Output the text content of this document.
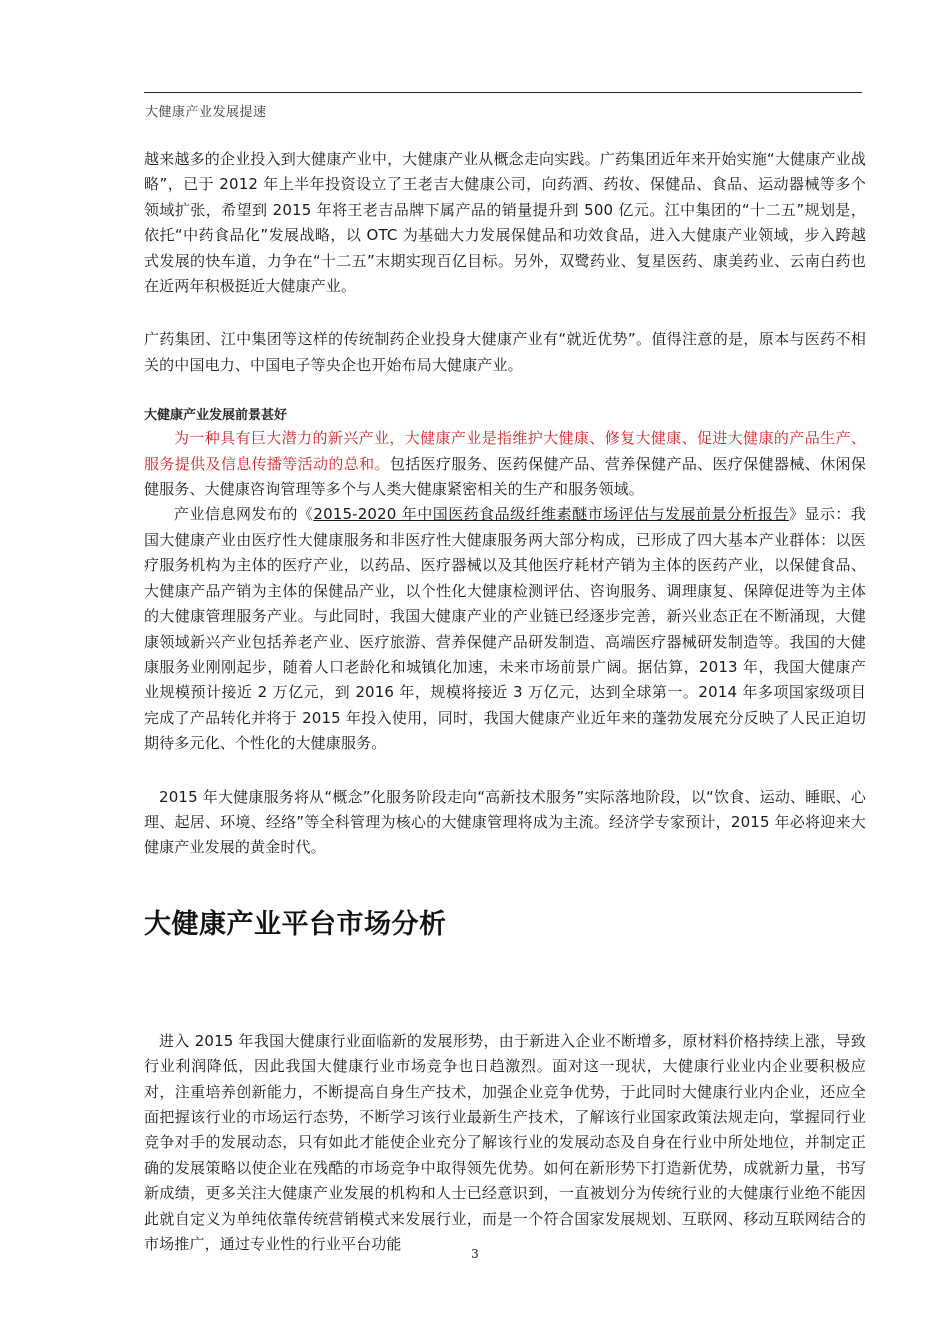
大健康产业发展提速

越来越多的企业投入到大健康产业中，大健康产业从概念走向实践。广药集团近年来开始实施“大健康产业战略”，已于 2012 年上半年投资设立了王老吉大健康公司，向药酒、药妆、保健品、食品、运动器械等多个领域扩张，希望到 2015 年将王老吉品牌下属产品的销量提升到 500 亿元。江中集团的“十二五”规划是，依托“中药食品化”发展战略，以 OTC 为基础大力发展保健品和功效食品，进入大健康产业领域，步入跨越式发展的快车道，力争在“十二五”末期实现百亿目标。另外，双鹭药业、复星医药、康美药业、云南白药也在近两年积极挺近大健康产业。

广药集团、江中集团等这样的传统制药企业投身大健康产业有“就近优势”。值得注意的是，原本与医药不相关的中国电力、中国电子等央企也开始布局大健康产业。

大健康产业发展前景甚好

为一种具有巨大潜力的新兴产业，大健康产业是指维护大健康、修复大健康、促进大健康的产品生产、服务提供及信息传播等活动的总和。包括医疗服务、医药保健产品、营养保健产品、医疗保健器械、休闲保健服务、大健康咨询管理等多个与人类大健康紧密相关的生产和服务领域。

产业信息网发布的《2015-2020 年中国医药食品级纤维素醚市场评估与发展前景分析报告》显示：我国大健康产业由医疗性大健康服务和非医疗性大健康服务两大部分构成，已形成了四大基本产业群体：以医疗服务机构为主体的医疗产业，以药品、医疗器械以及其他医疗耗材产销为主体的医药产业，以保健食品、大健康产品产销为主体的保健品产业，以个性化大健康检测评估、咨询服务、调理康复、保障促进等为主体的大健康管理服务产业。与此同时，我国大健康产业的产业链已经逐步完善，新兴业态正在不断涌现，大健康领域新兴产业包括养老产业、医疗旅游、营养保健产品研发制造、高端医疗器械研发制造等。我国的大健康服务业刚刚起步，随着人口老龄化和城镇化加速，未来市场前景广阔。据估算，2013 年，我国大健康产业规模预计接近 2 万亿元，到 2016 年，规模将接近 3 万亿元，达到全球第一。2014 年多项国家级项目完成了产品转化并将于 2015 年投入使用，同时，我国大健康产业近年来的蓬勃发展充分反映了人民正迫切期待多元化、个性化的大健康服务。

2015 年大健康服务将从“概念”化服务阶段走向“高新技术服务”实际落地阶段，以“饮食、运动、睡眠、心理、起居、环境、经络”等全科管理为核心的大健康管理将成为主流。经济学专家预计，2015 年必将迎来大健康产业发展的黄金时代。

大健康产业平台市场分析

进入 2015 年我国大健康行业面临新的发展形势，由于新进入企业不断增多，原材料价格持续上涨，导致行业利润降低，因此我国大健康行业市场竞争也日趋激烈。面对这一现状，大健康行业业内企业要积极应对，注重培养创新能力，不断提高自身生产技术，加强企业竞争优势，于此同时大健康行业内企业，还应全面把握该行业的市场运行态势，不断学习该行业最新生产技术，了解该行业国家政策法规走向，掌握同行业竞争对手的发展动态，只有如此才能使企业充分了解该行业的发展动态及自身在行业中所处地位，并制定正确的发展策略以使企业在残酷的市场竞争中取得领先优势。如何在新形势下打造新优势，成就新力量，书写新成绩，更多关注大健康产业发展的机构和人士已经意识到，一直被划分为传统行业的大健康行业绝不能因此就自定义为单纯依靠传统营销模式来发展行业，而是一个符合国家发展规划、互联网、移动互联网结合的市场推广，通过专业性的行业平台功能

3
